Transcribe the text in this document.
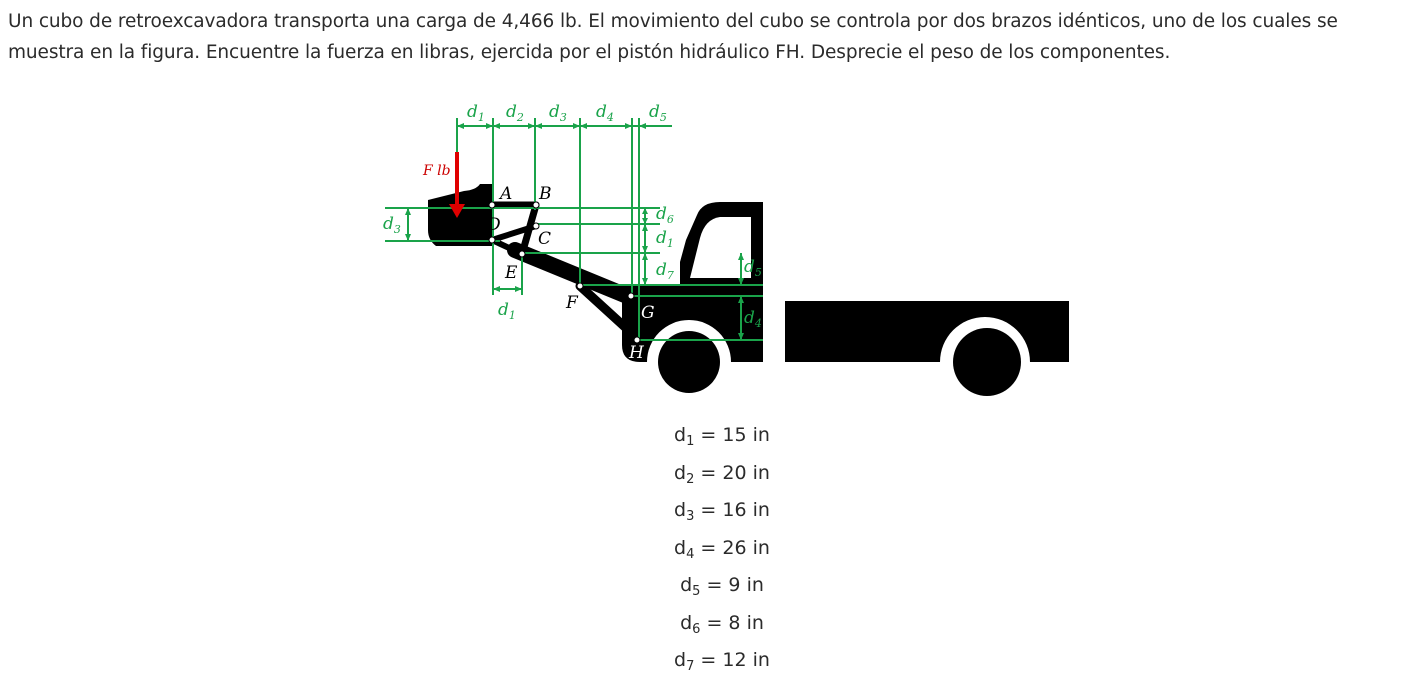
Un cubo de retroexcavadora transporta una carga de 4,466 lb. El movimiento del cubo se controla por dos brazos idénticos, uno de los cuales se muestra en la figura. Encuentre la fuerza en libras, ejercida por el pistón hidráulico FH. Desprecie el peso de los componentes.
F lb
A B
C
D
E
F	G
H
$d_1$ $d_2$ $d_3$ $d_4$ $d_5$
$d_3$
$d_1$
$d_6$
$d_1$
$d_7$	$d_5$
$d_4$
$d_1 = 15$ in
$d_2 = 20$ in
$d_3 = 16$ in
$d_4 = 26$ in
$d_5 = 9$ in
$d_6 = 8$ in
$d_7 = 12$ in
